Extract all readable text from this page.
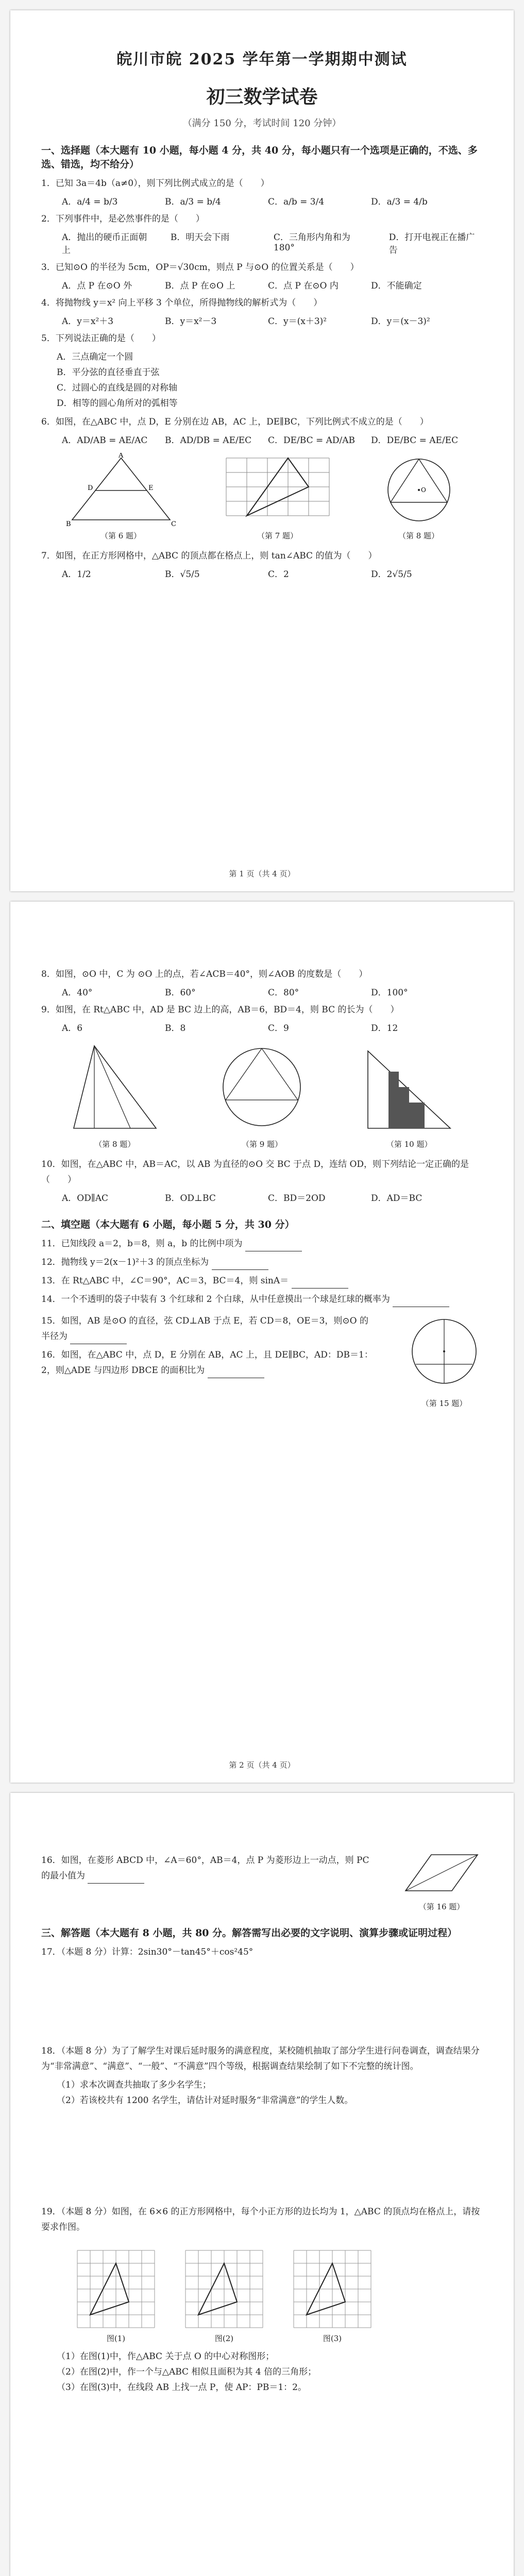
皖川市皖 2025 学年第一学期期中测试
初三数学试卷
（满分 150 分，考试时间 120 分钟）
一、选择题（本大题有 10 小题，每小题 4 分，共 40 分，每小题只有一个选项是正确的，不选、多选、错选，均不给分）
1．已知 3a＝4b（a≠0），则下列比例式成立的是（　　）
A．a/4 = b/3	B．a/3 = b/4	C．a/b = 3/4	D．a/3 = 4/b
2．下列事件中，是必然事件的是（　　）
A．抛出的硬币正面朝上
B．明天会下雨	C．三角形内角和为 180°
D．打开电视正在播广告
3．已知⊙O 的半径为 5cm，OP＝√30cm，则点 P 与⊙O 的位置关系是（　　）
A．点 P 在⊙O 外	B．点 P 在⊙O 上	C．点 P 在⊙O 内	D．不能确定
4．将抛物线 y＝x² 向上平移 3 个单位，所得抛物线的解析式为（　　）
A．y＝x²＋3	B．y＝x²－3	C．y＝(x＋3)²	D．y＝(x－3)²
5．下列说法正确的是（　　）
A．三点确定一个圆
B．平分弦的直径垂直于弦
C．过圆心的直线是圆的对称轴
D．相等的圆心角所对的弧相等
6．如图，在△ABC 中，点 D，E 分别在边 AB，AC 上，DE∥BC，下列比例式不成立的是（　　）
A．AD/AB = AE/AC B．AD/DB = AE/EC C．DE/BC = AD/AB D．DE/BC = AE/EC
A
B	C
D	E
（第 6 题）	（第 7 题）
O
（第 8 题）
7．如图，在正方形网格中，△ABC 的顶点都在格点上，则 tan∠ABC 的值为（　　）
A．1/2	B．√5/5	C．2	D．2√5/5
第 1 页（共 4 页）
8．如图，⊙O 中，C 为 ⊙O 上的点，若∠ACB＝40°，则∠AOB 的度数是（　　）
A．40°	B．60°	C．80°	D．100°
9．如图，在 Rt△ABC 中，AD 是 BC 边上的高，AB＝6，BD＝4，则 BC 的长为（　　）
A．6	B．8	C．9	D．12
（第 8 题）	（第 9 题）	（第 10 题）
10．如图，在△ABC 中，AB＝AC，以 AB 为直径的⊙O 交 BC 于点 D，连结 OD，则下列结论一定正确的是（　　）
A．OD∥AC	B．OD⊥BC	C．BD＝2OD	D．AD＝BC
二、填空题（本大题有 6 小题，每小题 5 分，共 30 分）
11．已知线段 a＝2，b＝8，则 a，b 的比例中项为
12．抛物线 y＝2(x－1)²＋3 的顶点坐标为
13．在 Rt△ABC 中，∠C＝90°，AC＝3，BC＝4，则 sinA＝
14．一个不透明的袋子中装有 3 个红球和 2 个白球，从中任意摸出一个球是红球的概率为
15．如图，AB 是⊙O 的直径，弦 CD⊥AB 于点 E，若 CD＝8，OE＝3，则⊙O 的半径为
16．如图，在△ABC 中，点 D，E 分别在 AB，AC 上，且 DE∥BC，AD：DB＝1：2，则△ADE 与四边形 DBCE 的面积比为
（第 15 题）
第 2 页（共 4 页）
16．如图，在菱形 ABCD 中，∠A＝60°，AB＝4，点 P 为菱形边上一动点，则 PC 的最小值为
（第 16 题）
三、解答题（本大题有 8 小题，共 80 分。解答需写出必要的文字说明、演算步骤或证明过程）
17．（本题 8 分）计算：2sin30°－tan45°＋cos²45°
18．（本题 8 分）为了了解学生对课后延时服务的满意程度，某校随机抽取了部分学生进行问卷调查，调查结果分为“非常满意”、“满意”、“一般”、“不满意”四个等级，根据调查结果绘制了如下不完整的统计图。
（1）求本次调查共抽取了多少名学生；
（2）若该校共有 1200 名学生，请估计对延时服务“非常满意”的学生人数。
19．（本题 8 分）如图，在 6×6 的正方形网格中，每个小正方形的边长均为 1，△ABC 的顶点均在格点上，请按要求作图。
图(1)	图(2)	图(3)
（1）在图(1)中，作△ABC 关于点 O 的中心对称图形；
（2）在图(2)中，作一个与△ABC 相似且面积为其 4 倍的三角形；
（3）在图(3)中，在线段 AB 上找一点 P，使 AP：PB＝1：2。
